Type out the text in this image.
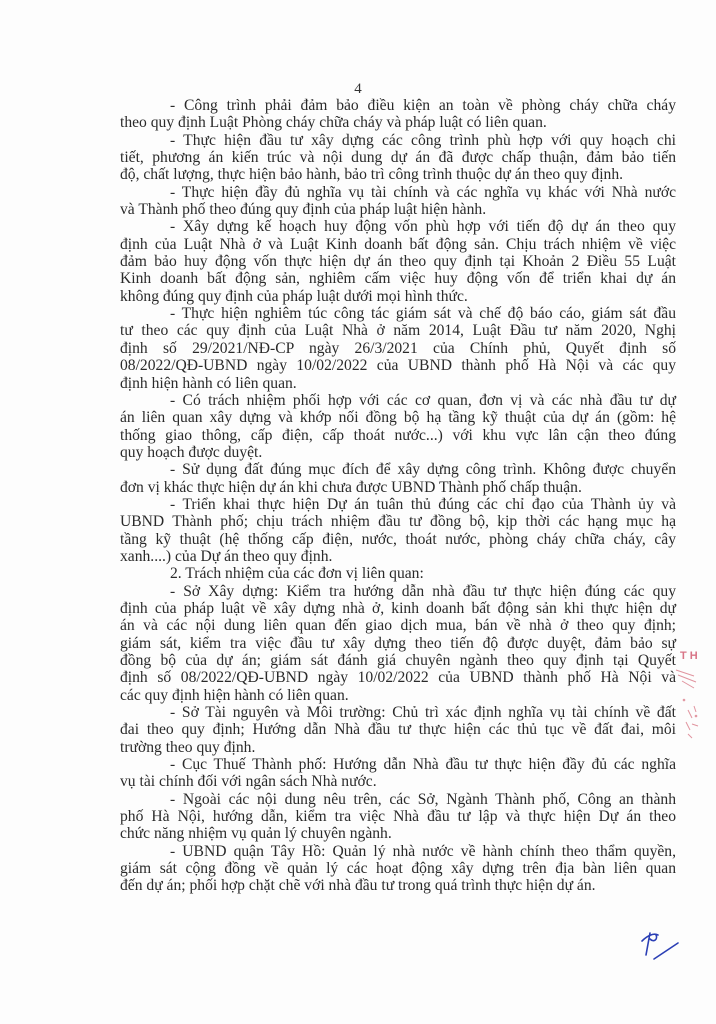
4
- Công trình phải đảm bảo điều kiện an toàn về phòng cháy chữa cháy
theo quy định Luật Phòng cháy chữa cháy và pháp luật có liên quan.
- Thực hiện đầu tư xây dựng các công trình phù hợp với quy hoạch chi
tiết, phương án kiến trúc và nội dung dự án đã được chấp thuận, đảm bảo tiến
độ, chất lượng, thực hiện bảo hành, bảo trì công trình thuộc dự án theo quy định.
- Thực hiện đầy đủ nghĩa vụ tài chính và các nghĩa vụ khác với Nhà nước
và Thành phố theo đúng quy định của pháp luật hiện hành.
- Xây dựng kế hoạch huy động vốn phù hợp với tiến độ dự án theo quy
định của Luật Nhà ở và Luật Kinh doanh bất động sản. Chịu trách nhiệm về việc
đảm bảo huy động vốn thực hiện dự án theo quy định tại Khoản 2 Điều 55 Luật
Kinh doanh bất động sản, nghiêm cấm việc huy động vốn để triển khai dự án
không đúng quy định của pháp luật dưới mọi hình thức.
- Thực hiện nghiêm túc công tác giám sát và chế độ báo cáo, giám sát đầu
tư theo các quy định của Luật Nhà ở năm 2014, Luật Đầu tư năm 2020, Nghị
định số 29/2021/NĐ-CP ngày 26/3/2021 của Chính phủ, Quyết định số
08/2022/QĐ-UBND ngày 10/02/2022 của UBND thành phố Hà Nội và các quy
định hiện hành có liên quan.
- Có trách nhiệm phối hợp với các cơ quan, đơn vị và các nhà đầu tư dự
án liên quan xây dựng và khớp nối đồng bộ hạ tầng kỹ thuật của dự án (gồm: hệ
thống giao thông, cấp điện, cấp thoát nước...) với khu vực lân cận theo đúng
quy hoạch được duyệt.
- Sử dụng đất đúng mục đích để xây dựng công trình. Không được chuyển
đơn vị khác thực hiện dự án khi chưa được UBND Thành phố chấp thuận.
- Triển khai thực hiện Dự án tuân thủ đúng các chỉ đạo của Thành ủy và
UBND Thành phố; chịu trách nhiệm đầu tư đồng bộ, kịp thời các hạng mục hạ
tầng kỹ thuật (hệ thống cấp điện, nước, thoát nước, phòng cháy chữa cháy, cây
xanh....) của Dự án theo quy định.
2. Trách nhiệm của các đơn vị liên quan:
- Sở Xây dựng: Kiểm tra hướng dẫn nhà đầu tư thực hiện đúng các quy
định của pháp luật về xây dựng nhà ở, kinh doanh bất động sản khi thực hiện dự
án và các nội dung liên quan đến giao dịch mua, bán về nhà ở theo quy định;
giám sát, kiểm tra việc đầu tư xây dựng theo tiến độ được duyệt, đảm bảo sự
đồng bộ của dự án; giám sát đánh giá chuyên ngành theo quy định tại Quyết
định số 08/2022/QĐ-UBND ngày 10/02/2022 của UBND thành phố Hà Nội và
các quy định hiện hành có liên quan.
- Sở Tài nguyên và Môi trường: Chủ trì xác định nghĩa vụ tài chính về đất
đai theo quy định; Hướng dẫn Nhà đầu tư thực hiện các thủ tục về đất đai, môi
trường theo quy định.
- Cục Thuế Thành phố: Hướng dẫn Nhà đầu tư thực hiện đầy đủ các nghĩa
vụ tài chính đối với ngân sách Nhà nước.
- Ngoài các nội dung nêu trên, các Sở, Ngành Thành phố, Công an thành
phố Hà Nội, hướng dẫn, kiểm tra việc Nhà đầu tư lập và thực hiện Dự án theo
chức năng nhiệm vụ quản lý chuyên ngành.
- UBND quận Tây Hồ: Quản lý nhà nước về hành chính theo thẩm quyền,
giám sát cộng đồng về quản lý các hoạt động xây dựng trên địa bàn liên quan
đến dự án; phối hợp chặt chẽ với nhà đầu tư trong quá trình thực hiện dự án.
TH
